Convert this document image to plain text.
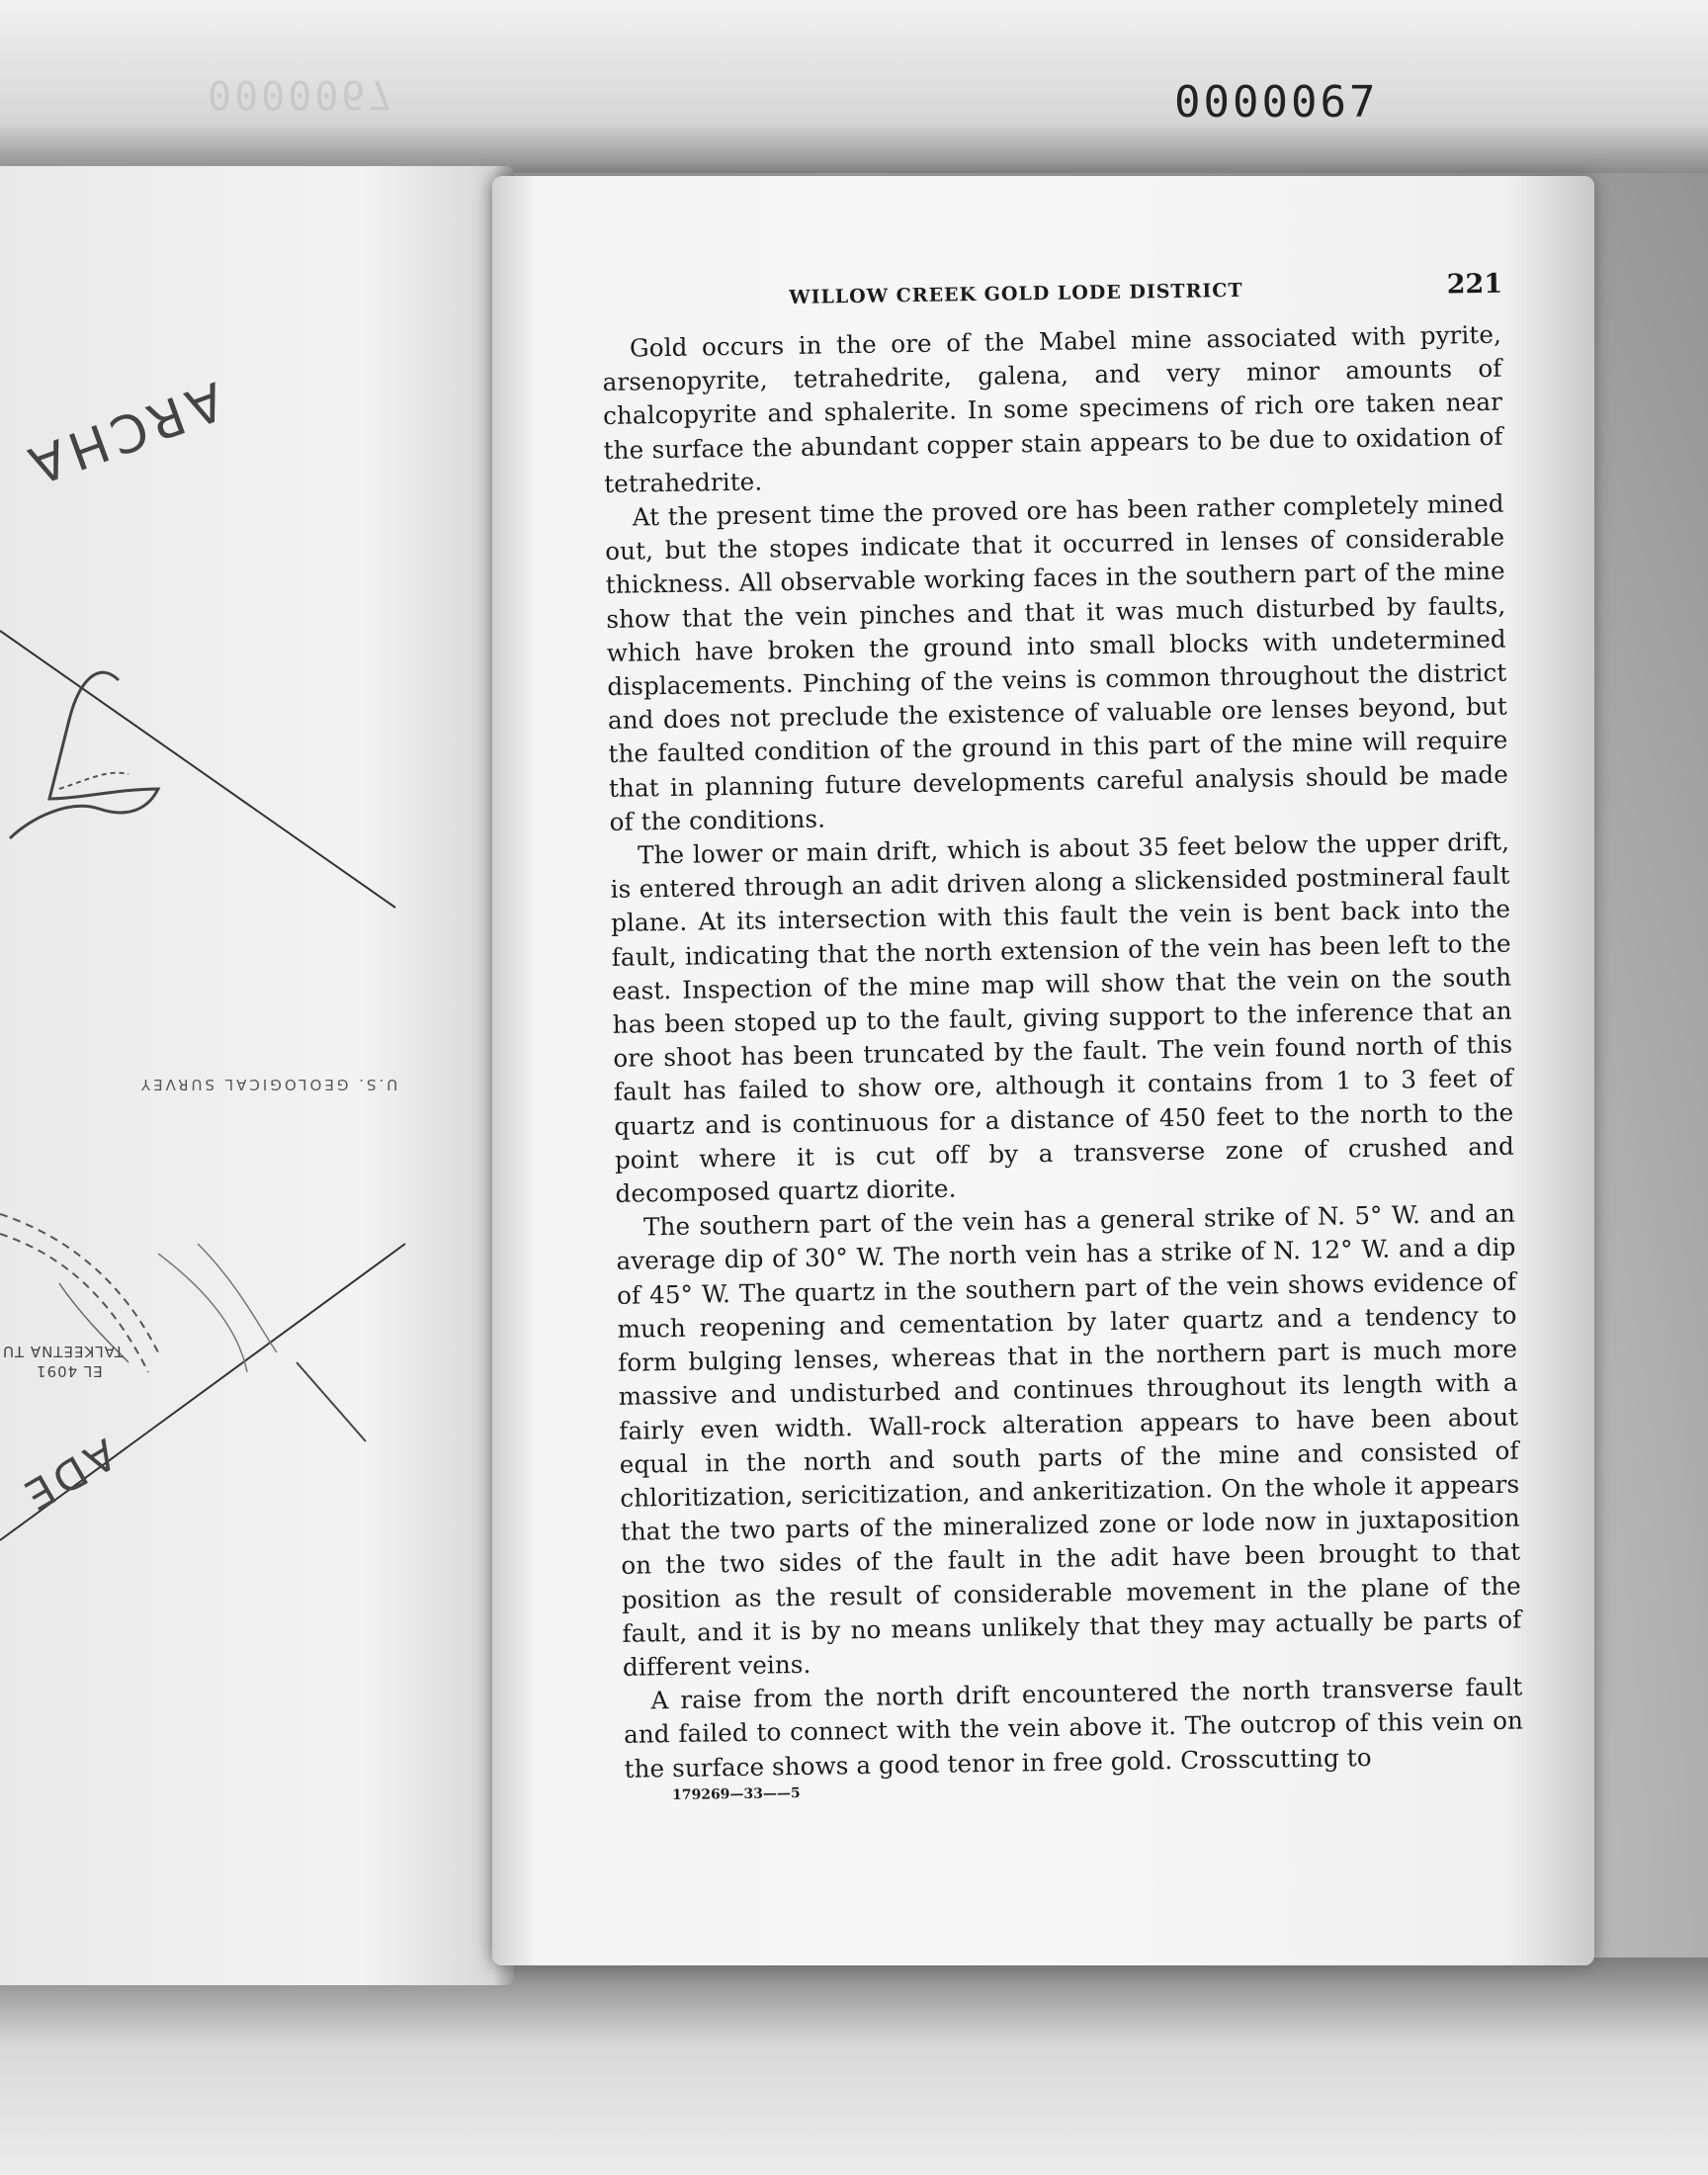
0000067	0000067
ARCHA
U.S. GEOLOGICAL SURVEY
TALKEETNA TU
EL 4091
ADE
WILLOW CREEK GOLD LODE DISTRICT	221

Gold occurs in the ore of the Mabel mine associated with pyrite, arsenopyrite, tetrahedrite, galena, and very minor amounts of chalcopyrite and sphalerite. In some specimens of rich ore taken near the surface the abundant copper stain appears to be due to oxidation of tetrahedrite.

At the present time the proved ore has been rather completely mined out, but the stopes indicate that it occurred in lenses of considerable thickness. All observable working faces in the southern part of the mine show that the vein pinches and that it was much disturbed by faults, which have broken the ground into small blocks with undetermined displacements. Pinching of the veins is common throughout the district and does not preclude the existence of valuable ore lenses beyond, but the faulted condition of the ground in this part of the mine will require that in planning future developments careful analysis should be made of the conditions.

The lower or main drift, which is about 35 feet below the upper drift, is entered through an adit driven along a slickensided postmineral fault plane. At its intersection with this fault the vein is bent back into the fault, indicating that the north extension of the vein has been left to the east. Inspection of the mine map will show that the vein on the south has been stoped up to the fault, giving support to the inference that an ore shoot has been truncated by the fault. The vein found north of this fault has failed to show ore, although it contains from 1 to 3 feet of quartz and is continuous for a distance of 450 feet to the north to the point where it is cut off by a transverse zone of crushed and decomposed quartz diorite.

The southern part of the vein has a general strike of N. 5° W. and an average dip of 30° W. The north vein has a strike of N. 12° W. and a dip of 45° W. The quartz in the southern part of the vein shows evidence of much reopening and cementation by later quartz and a tendency to form bulging lenses, whereas that in the northern part is much more massive and undisturbed and continues throughout its length with a fairly even width. Wall-rock alteration appears to have been about equal in the north and south parts of the mine and consisted of chloritization, sericitization, and ankeritization. On the whole it appears that the two parts of the mineralized zone or lode now in juxtaposition on the two sides of the fault in the adit have been brought to that position as the result of considerable movement in the plane of the fault, and it is by no means unlikely that they may actually be parts of different veins.

A raise from the north drift encountered the north transverse fault and failed to connect with the vein above it. The outcrop of this vein on the surface shows a good tenor in free gold. Crosscutting to

179269—33——5
